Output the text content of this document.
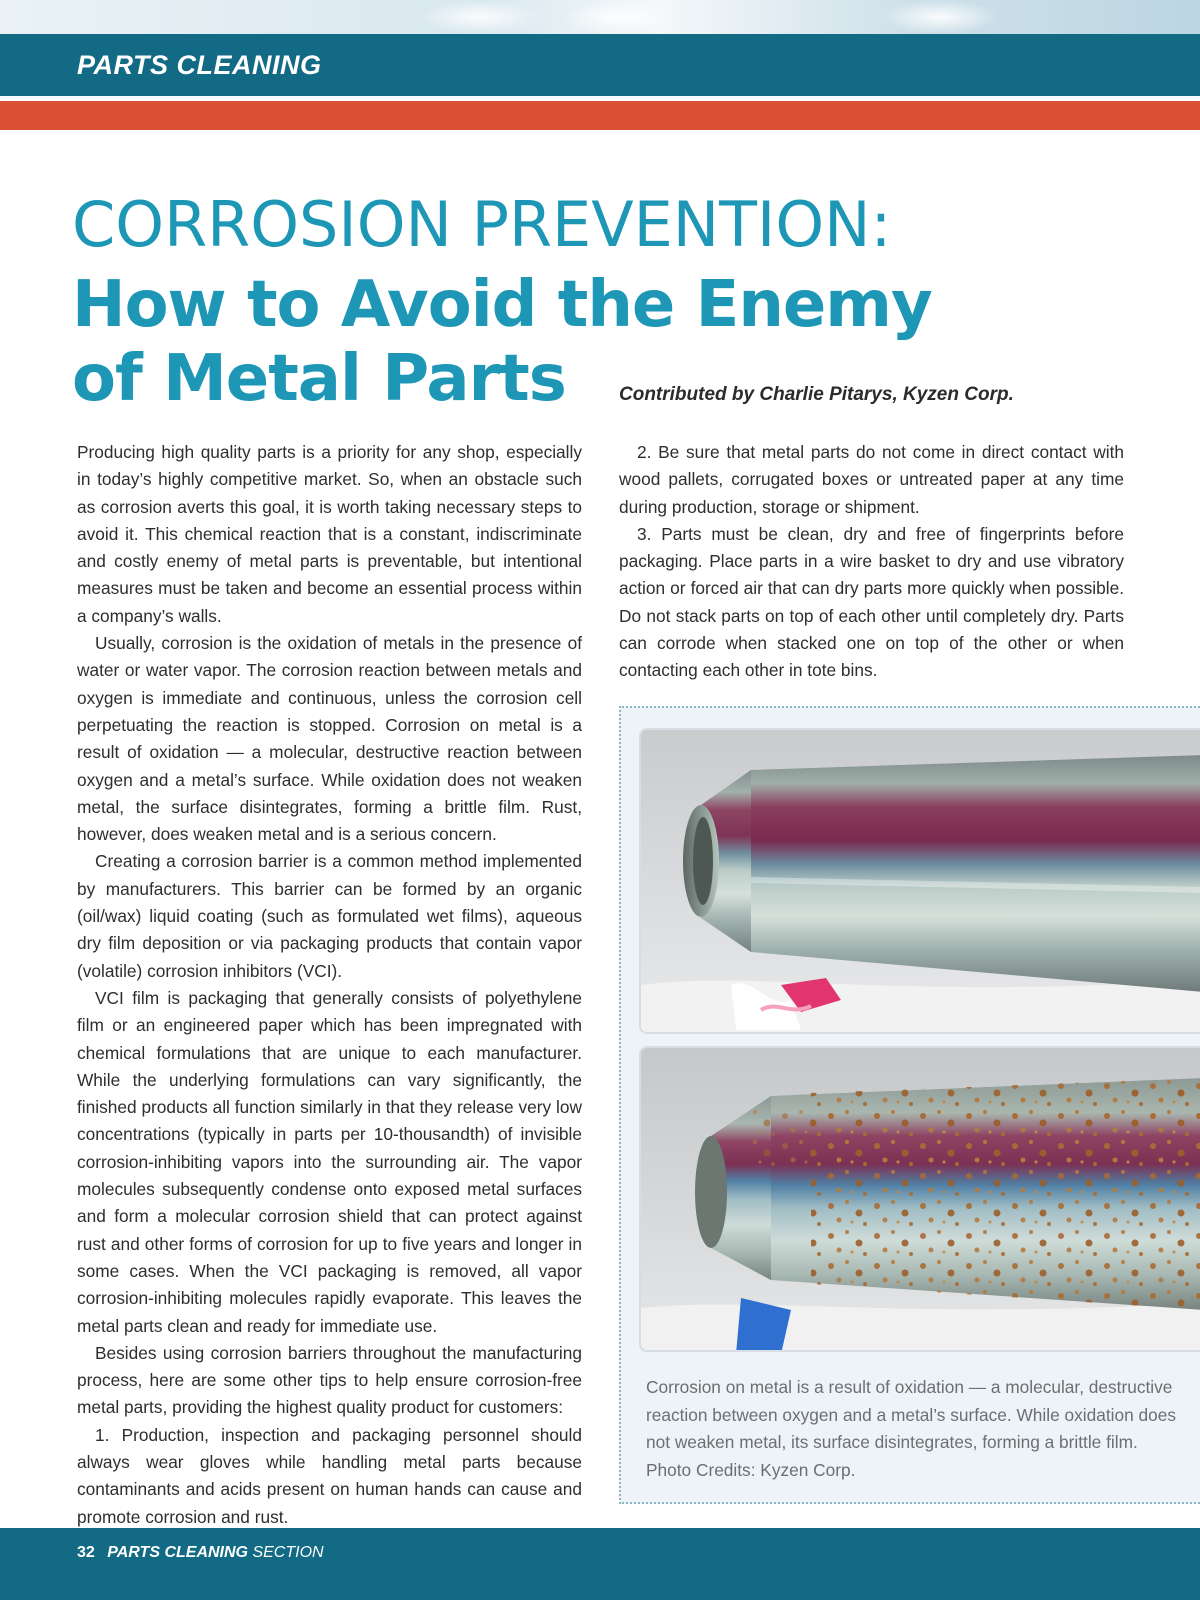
PARTS CLEANING
CORROSION PREVENTION:
How to Avoid the Enemy
of Metal Parts	Contributed by Charlie Pitarys, Kyzen Corp.

Producing high quality parts is a priority for any shop, especially in today’s highly competitive market. So, when an obstacle such as corrosion averts this goal, it is worth taking necessary steps to avoid it. This chemical reaction that is a constant, indiscriminate and costly enemy of metal parts is preventable, but intentional measures must be taken and become an essential process within a company’s walls.

Usually, corrosion is the oxidation of metals in the presence of water or water vapor. The corrosion reaction between metals and oxygen is immediate and continuous, unless the corrosion cell perpetuating the reaction is stopped. Corrosion on metal is a result of oxidation — a molecular, destructive reaction between oxygen and a metal’s surface. While oxidation does not weaken metal, the surface disintegrates, forming a brittle film. Rust, however, does weaken metal and is a serious concern.

Creating a corrosion barrier is a common method implemented by manufacturers. This barrier can be formed by an organic (oil/wax) liquid coating (such as formulated wet films), aqueous dry film deposition or via packaging products that contain vapor (volatile) corrosion inhibitors (VCI).

VCI film is packaging that generally consists of polyethylene film or an engineered paper which has been impregnated with chemical formulations that are unique to each manufacturer. While the underlying formulations can vary significantly, the finished products all function similarly in that they release very low concentrations (typically in parts per 10-thousandth) of invisible corrosion-inhibiting vapors into the surrounding air. The vapor molecules subsequently condense onto exposed metal surfaces and form a molecular corrosion shield that can protect against rust and other forms of corrosion for up to five years and longer in some cases. When the VCI packaging is removed, all vapor corrosion-inhibiting molecules rapidly evaporate. This leaves the metal parts clean and ready for immediate use.

Besides using corrosion barriers throughout the manufacturing process, here are some other tips to help ensure corrosion-free metal parts, providing the highest quality product for customers:

1. Production, inspection and packaging personnel should always wear gloves while handling metal parts because contaminants and acids present on human hands can cause and promote corrosion and rust.

2. Be sure that metal parts do not come in direct contact with wood pallets, corrugated boxes or untreated paper at any time during production, storage or shipment.

3. Parts must be clean, dry and free of fingerprints before packaging. Place parts in a wire basket to dry and use vibratory action or forced air that can dry parts more quickly when possible. Do not stack parts on top of each other until completely dry. Parts can corrode when stacked one on top of the other or when contacting each other in tote bins.

Corrosion on metal is a result of oxidation — a molecular, destructive reaction between oxygen and a metal’s surface. While oxidation does not weaken metal, its surface disintegrates, forming a brittle film. Photo Credits: Kyzen Corp.
32 PARTS CLEANING SECTION
